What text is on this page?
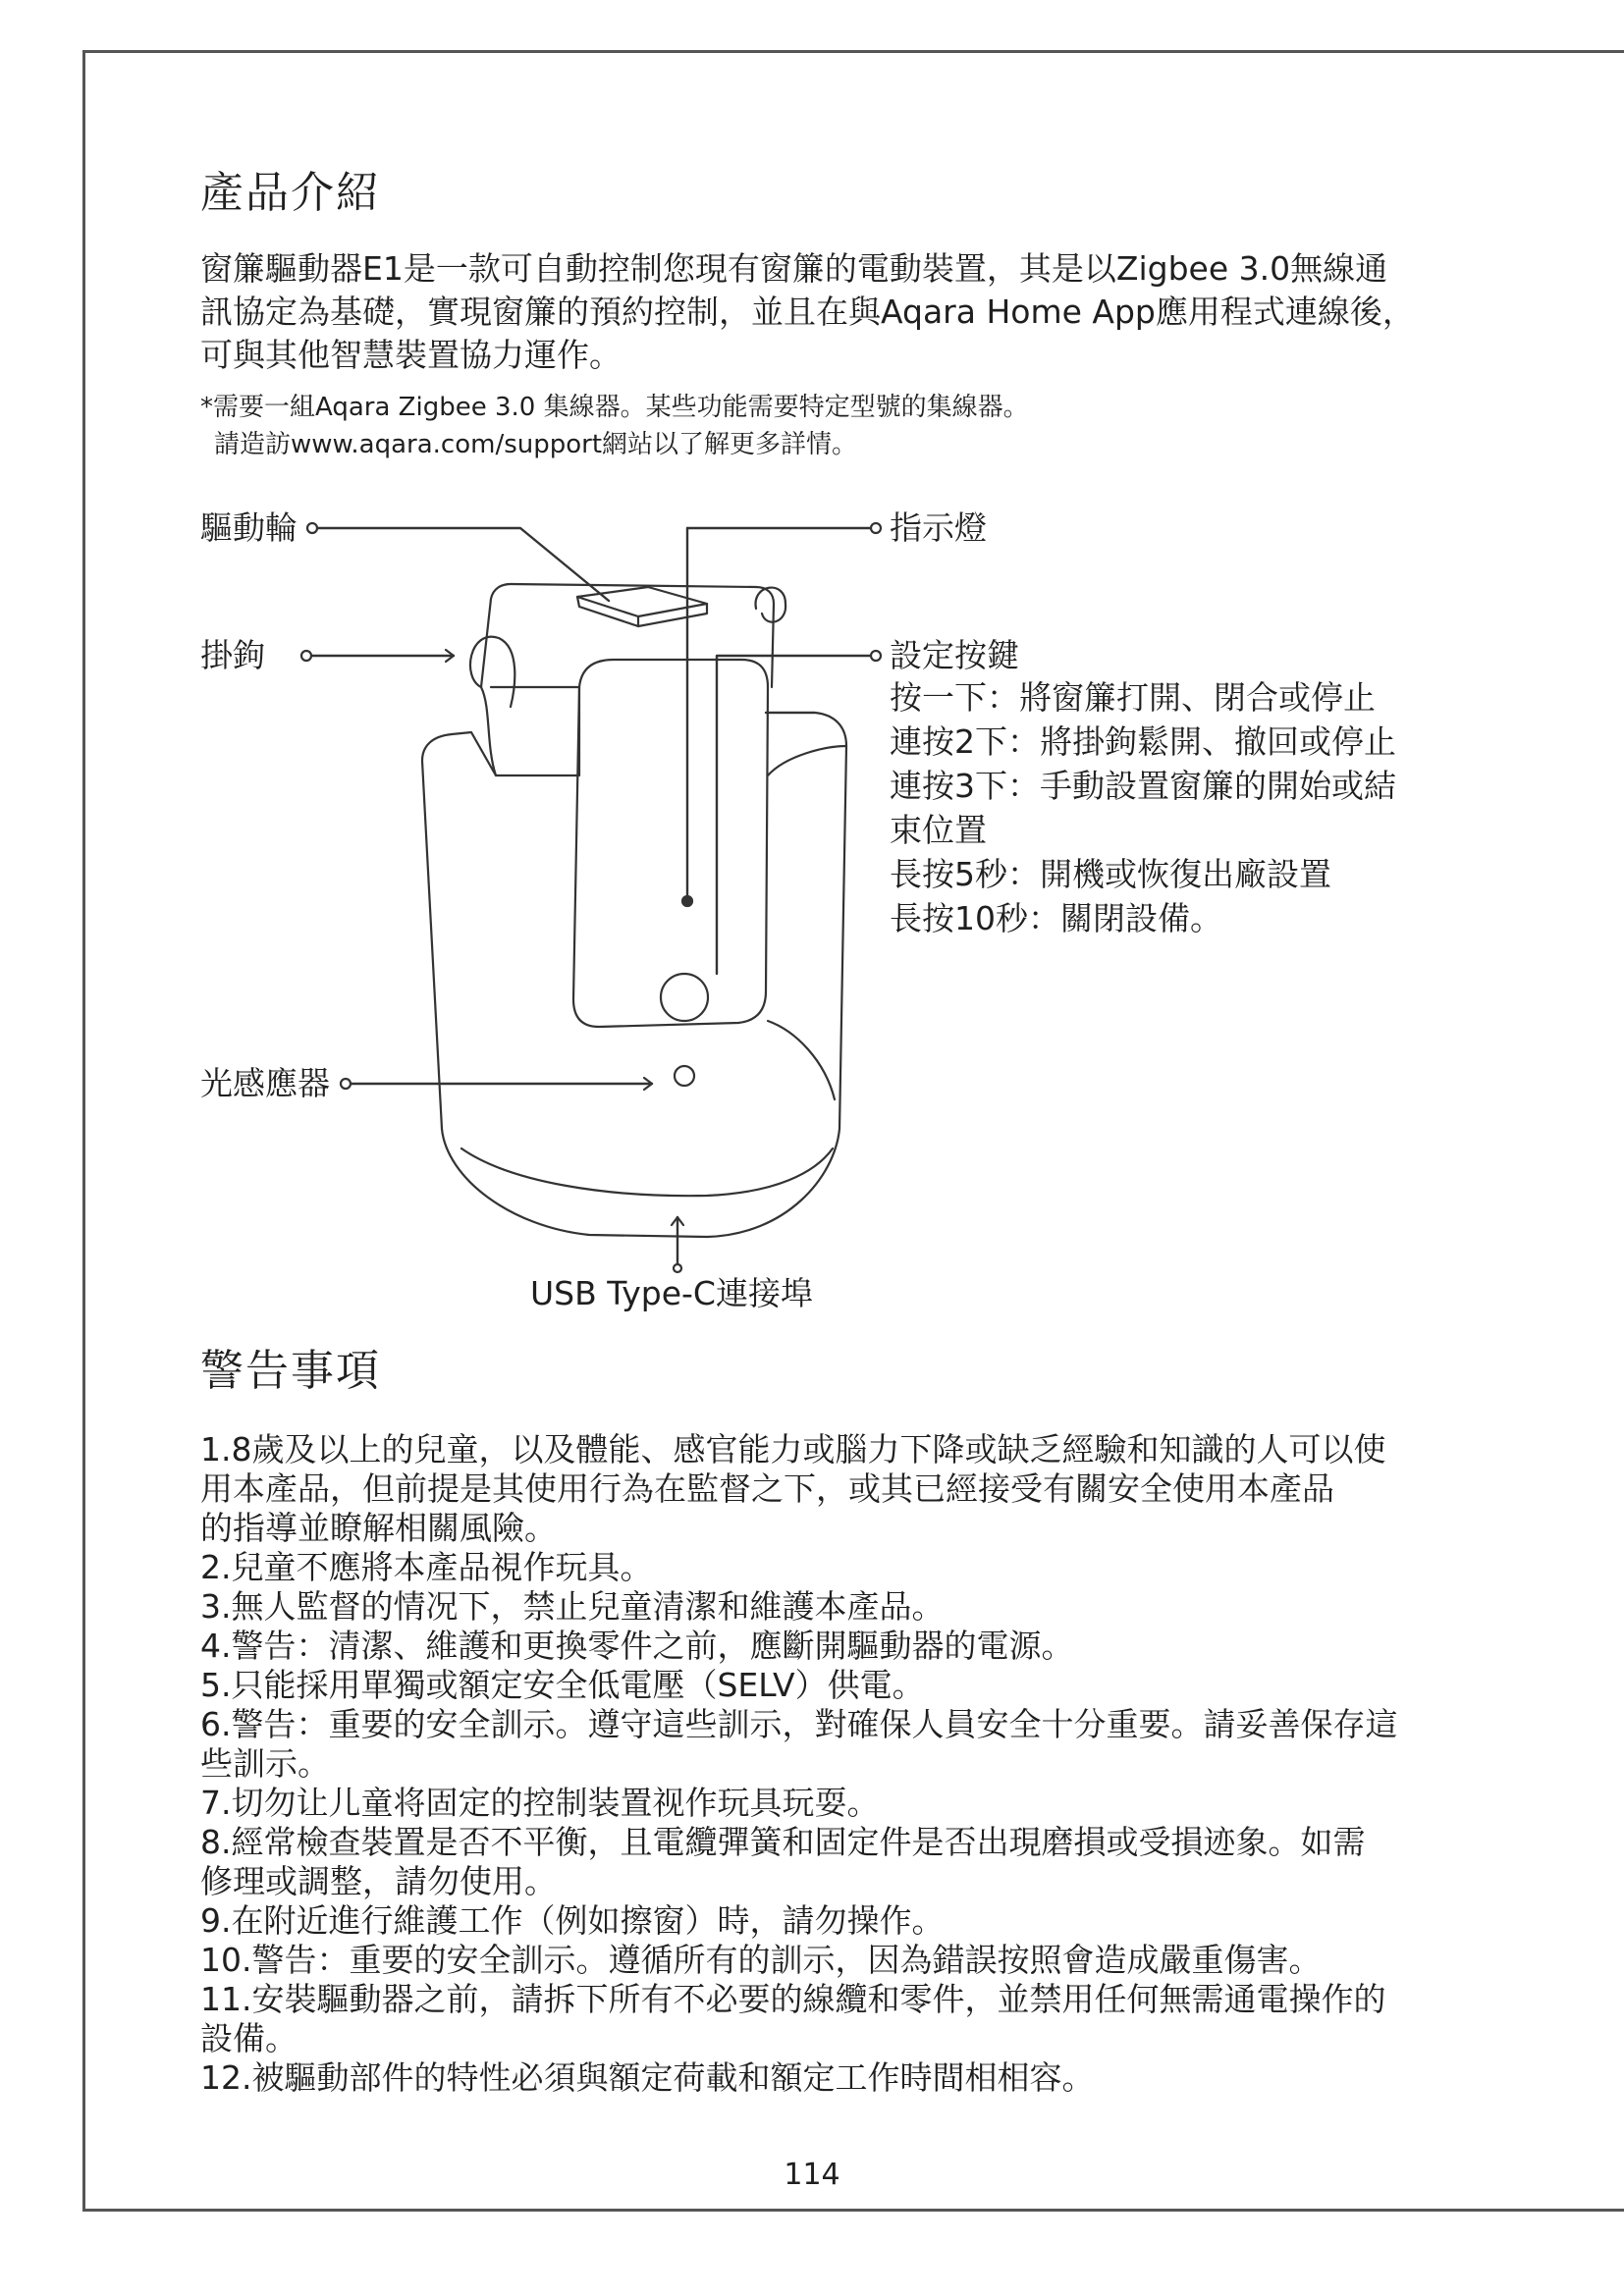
產品介紹
窗簾驅動器E1是一款可自動控制您現有窗簾的電動裝置，其是以Zigbee 3.0無線通
訊協定為基礎，實現窗簾的預約控制，並且在與Aqara Home App應用程式連線後，
可與其他智慧裝置協力運作。
*需要一組Aqara Zigbee 3.0 集線器。某些功能需要特定型號的集線器。
請造訪www.aqara.com/support網站以了解更多詳情。
驅動輪	指示燈
掛鉤	設定按鍵
按一下：將窗簾打開、閉合或停止
連按2下：將掛鉤鬆開、撤回或停止
連按3下：手動設置窗簾的開始或結
束位置
長按5秒：開機或恢復出廠設置
長按10秒：關閉設備。
光感應器
USB Type-C連接埠
警告事項
1.8歲及以上的兒童，以及體能、感官能力或腦力下降或缺乏經驗和知識的人可以使
用本產品，但前提是其使用行為在監督之下，或其已經接受有關安全使用本產品
的指導並瞭解相關風險。
2.兒童不應將本產品視作玩具。
3.無人監督的情况下，禁止兒童清潔和維護本產品。
4.警告：清潔、維護和更換零件之前，應斷開驅動器的電源。
5.只能採用單獨或額定安全低電壓（SELV）供電。
6.警告：重要的安全訓示。遵守這些訓示，對確保人員安全十分重要。請妥善保存這
些訓示。
7.切勿让儿童将固定的控制装置视作玩具玩耍。
8.經常檢查裝置是否不平衡，且電纜彈簧和固定件是否出現磨損或受損迹象。如需
修理或調整，請勿使用。
9.在附近進行維護工作（例如擦窗）時，請勿操作。
10.警告：重要的安全訓示。遵循所有的訓示，因為錯誤按照會造成嚴重傷害。
11.安裝驅動器之前，請拆下所有不必要的線纜和零件，並禁用任何無需通電操作的
設備。
12.被驅動部件的特性必須與額定荷載和額定工作時間相相容。
114
